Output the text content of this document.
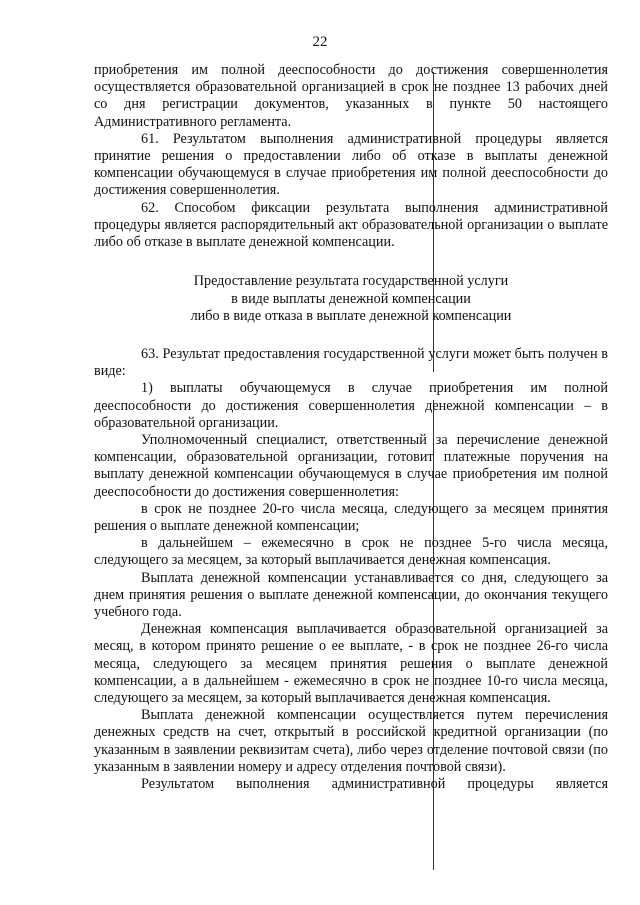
22

приобретения им полной дееспособности до достижения совершеннолетия осуществляется образовательной организацией в срок не позднее 13 рабочих дней со дня регистрации документов, указанных в пункте 50 настоящего Административного регламента.

61. Результатом выполнения административной процедуры является принятие решения о предоставлении либо об отказе в выплаты денежной компенсации обучающемуся в случае приобретения им полной дееспособности до достижения совершеннолетия.

62. Способом фиксации результата выполнения административной процедуры является распорядительный акт образовательной организации о выплате либо об отказе в выплате денежной компенсации.

Предоставление результата государственной услуги
в виде выплаты денежной компенсации
либо в виде отказа в выплате денежной компенсации

63. Результат предоставления государственной услуги может быть получен в виде:

1) выплаты обучающемуся в случае приобретения им полной дееспособности до достижения совершеннолетия денежной компенсации – в образовательной организации.

Уполномоченный специалист, ответственный за перечисление денежной компенсации, образовательной организации, готовит платежные поручения на выплату денежной компенсации обучающемуся в случае приобретения им полной дееспособности до достижения совершеннолетия:

в срок не позднее 20-го числа месяца, следующего за месяцем принятия решения о выплате денежной компенсации;

в дальнейшем – ежемесячно в срок не позднее 5-го числа месяца, следующего за месяцем, за который выплачивается денежная компенсация.

Выплата денежной компенсации устанавливается со дня, следующего за днем принятия решения о выплате денежной компенсации, до окончания текущего учебного года.

Денежная компенсация выплачивается образовательной организацией за месяц, в котором принято решение о ее выплате, - в срок не позднее 26-го числа месяца, следующего за месяцем принятия решения о выплате денежной компенсации, а в дальнейшем - ежемесячно в срок не позднее 10-го числа месяца, следующего за месяцем, за который выплачивается денежная компенсация.

Выплата денежной компенсации осуществляется путем перечисления денежных средств на счет, открытый в российской кредитной организации (по указанным в заявлении реквизитам счета), либо через отделение почтовой связи (по указанным в заявлении номеру и адресу отделения почтовой связи).

Результатом выполнения административной процедуры является
